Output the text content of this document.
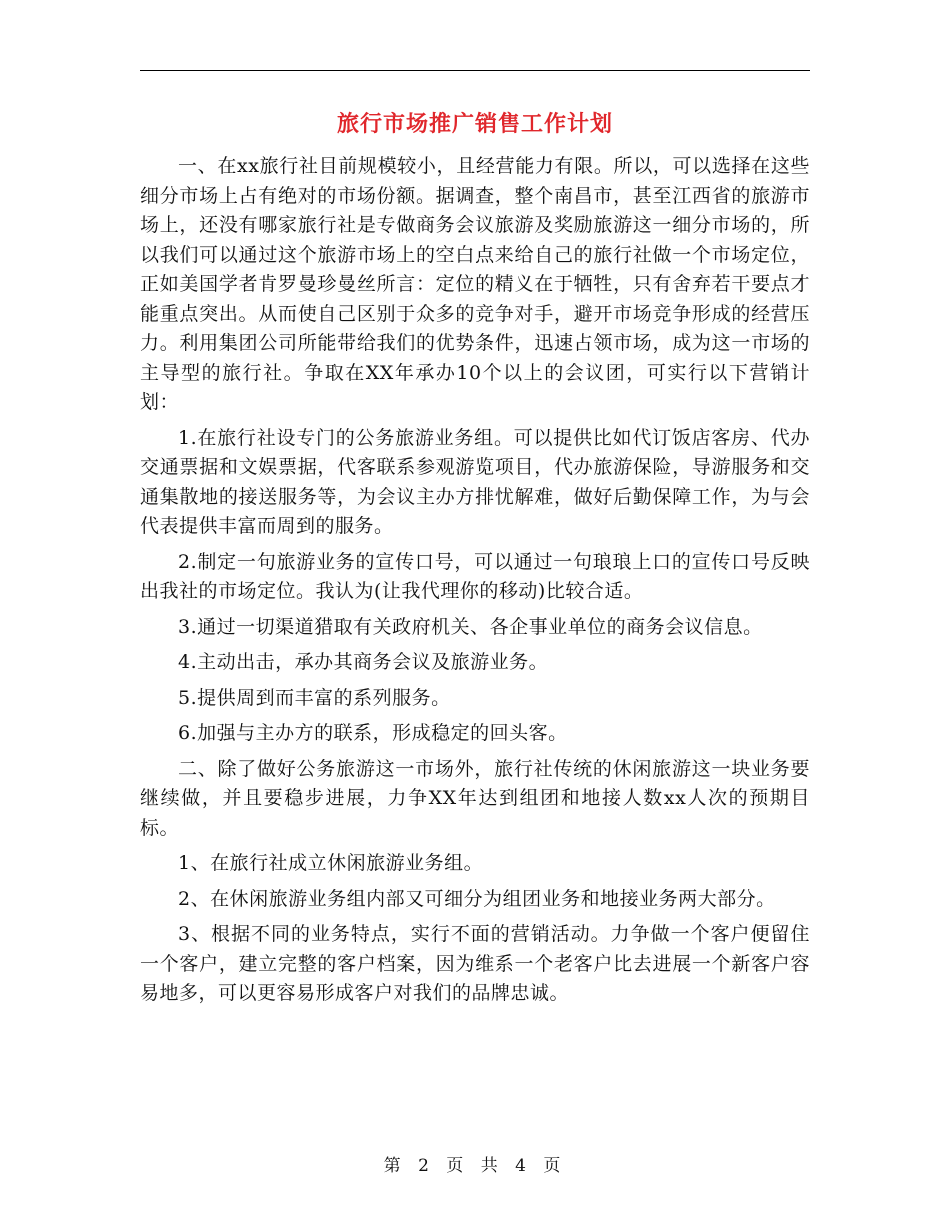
旅行市场推广销售工作计划

一、在xx旅行社目前规模较小，且经营能力有限。所以，可以选择在这些细分市场上占有绝对的市场份额。据调查，整个南昌市，甚至江西省的旅游市场上，还没有哪家旅行社是专做商务会议旅游及奖励旅游这一细分市场的，所以我们可以通过这个旅游市场上的空白点来给自己的旅行社做一个市场定位，正如美国学者肯罗曼珍曼丝所言：定位的精义在于牺牲，只有舍弃若干要点才能重点突出。从而使自己区别于众多的竞争对手，避开市场竞争形成的经营压力。利用集团公司所能带给我们的优势条件，迅速占领市场，成为这一市场的主导型的旅行社。争取在XX年承办10个以上的会议团，可实行以下营销计划：

1.在旅行社设专门的公务旅游业务组。可以提供比如代订饭店客房、代办交通票据和文娱票据，代客联系参观游览项目，代办旅游保险，导游服务和交通集散地的接送服务等，为会议主办方排忧解难，做好后勤保障工作，为与会代表提供丰富而周到的服务。

2.制定一句旅游业务的宣传口号，可以通过一句琅琅上口的宣传口号反映出我社的市场定位。我认为(让我代理你的移动)比较合适。

3.通过一切渠道猎取有关政府机关、各企事业单位的商务会议信息。

4.主动出击，承办其商务会议及旅游业务。

5.提供周到而丰富的系列服务。

6.加强与主办方的联系，形成稳定的回头客。

二、除了做好公务旅游这一市场外，旅行社传统的休闲旅游这一块业务要继续做，并且要稳步进展，力争XX年达到组团和地接人数xx人次的预期目标。

1、在旅行社成立休闲旅游业务组。

2、在休闲旅游业务组内部又可细分为组团业务和地接业务两大部分。

3、根据不同的业务特点，实行不面的营销活动。力争做一个客户便留住一个客户，建立完整的客户档案，因为维系一个老客户比去进展一个新客户容易地多，可以更容易形成客户对我们的品牌忠诚。

第 2 页 共 4 页
